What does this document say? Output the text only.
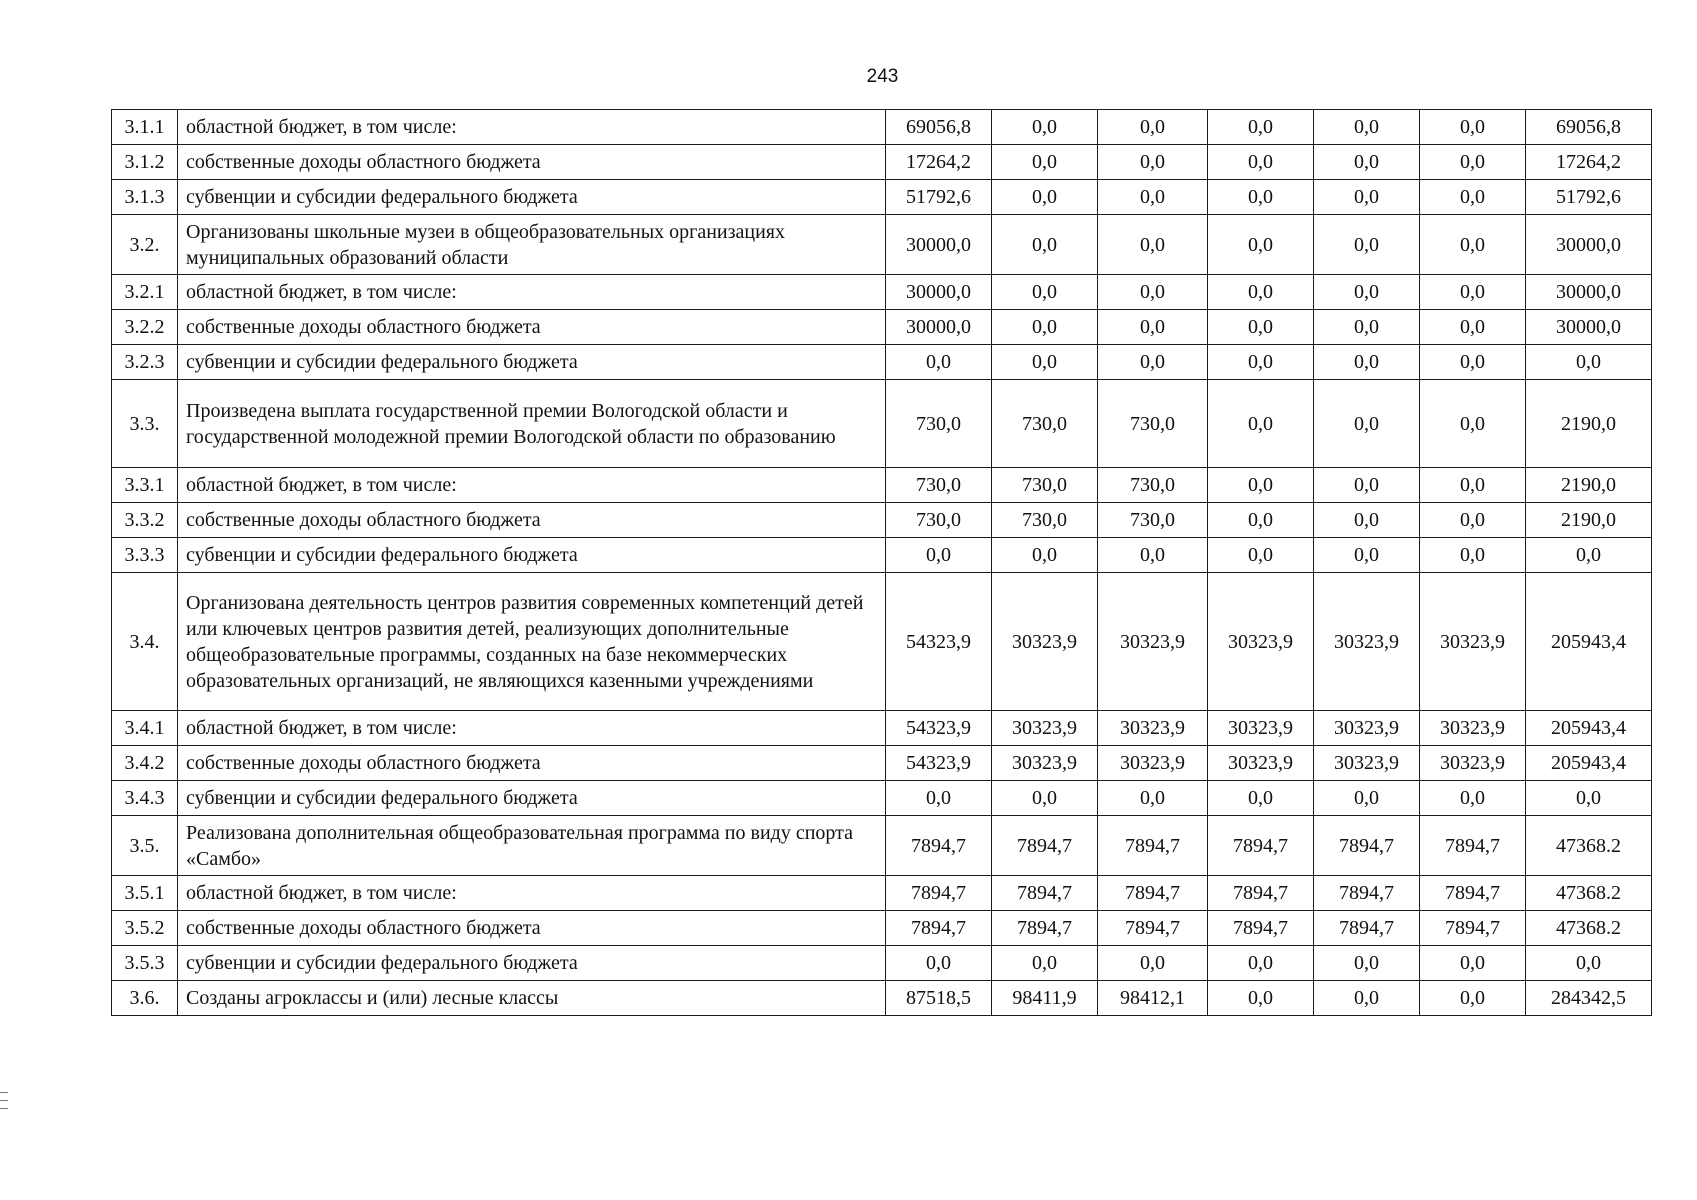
243
3.1.1	областной бюджет, в том числе:	69056,8	0,0	0,0	0,0	0,0	0,0	69056,8
3.1.2	собственные доходы областного бюджета	17264,2	0,0	0,0	0,0	0,0	0,0	17264,2
3.1.3	субвенции и субсидии федерального бюджета	51792,6	0,0	0,0	0,0	0,0	0,0	51792,6
3.2.	Организованы школьные музеи в общеобразовательных организациях муниципальных образований области	30000,0	0,0	0,0	0,0	0,0	0,0	30000,0
3.2.1	областной бюджет, в том числе:	30000,0	0,0	0,0	0,0	0,0	0,0	30000,0
3.2.2	собственные доходы областного бюджета	30000,0	0,0	0,0	0,0	0,0	0,0	30000,0
3.2.3	субвенции и субсидии федерального бюджета	0,0	0,0	0,0	0,0	0,0	0,0	0,0
3.3.	Произведена выплата государственной премии Вологодской области и государственной молодежной премии Вологодской области по образованию	730,0	730,0	730,0	0,0	0,0	0,0	2190,0
3.3.1	областной бюджет, в том числе:	730,0	730,0	730,0	0,0	0,0	0,0	2190,0
3.3.2	собственные доходы областного бюджета	730,0	730,0	730,0	0,0	0,0	0,0	2190,0
3.3.3	субвенции и субсидии федерального бюджета	0,0	0,0	0,0	0,0	0,0	0,0	0,0
3.4.	Организована деятельность центров развития современных компетенций детей или ключевых центров развития детей, реализующих дополнительные общеобразовательные программы, созданных на базе некоммерческих образовательных организаций, не являющихся казенными учреждениями	54323,9	30323,9	30323,9	30323,9	30323,9	30323,9	205943,4
3.4.1	областной бюджет, в том числе:	54323,9	30323,9	30323,9	30323,9	30323,9	30323,9	205943,4
3.4.2	собственные доходы областного бюджета	54323,9	30323,9	30323,9	30323,9	30323,9	30323,9	205943,4
3.4.3	субвенции и субсидии федерального бюджета	0,0	0,0	0,0	0,0	0,0	0,0	0,0
3.5.	Реализована дополнительная общеобразовательная программа по виду спорта «Самбо»	7894,7	7894,7	7894,7	7894,7	7894,7	7894,7	47368.2
3.5.1	областной бюджет, в том числе:	7894,7	7894,7	7894,7	7894,7	7894,7	7894,7	47368.2
3.5.2	собственные доходы областного бюджета	7894,7	7894,7	7894,7	7894,7	7894,7	7894,7	47368.2
3.5.3	субвенции и субсидии федерального бюджета	0,0	0,0	0,0	0,0	0,0	0,0	0,0
3.6.	Созданы агроклассы и (или) лесные классы	87518,5	98411,9	98412,1	0,0	0,0	0,0	284342,5
